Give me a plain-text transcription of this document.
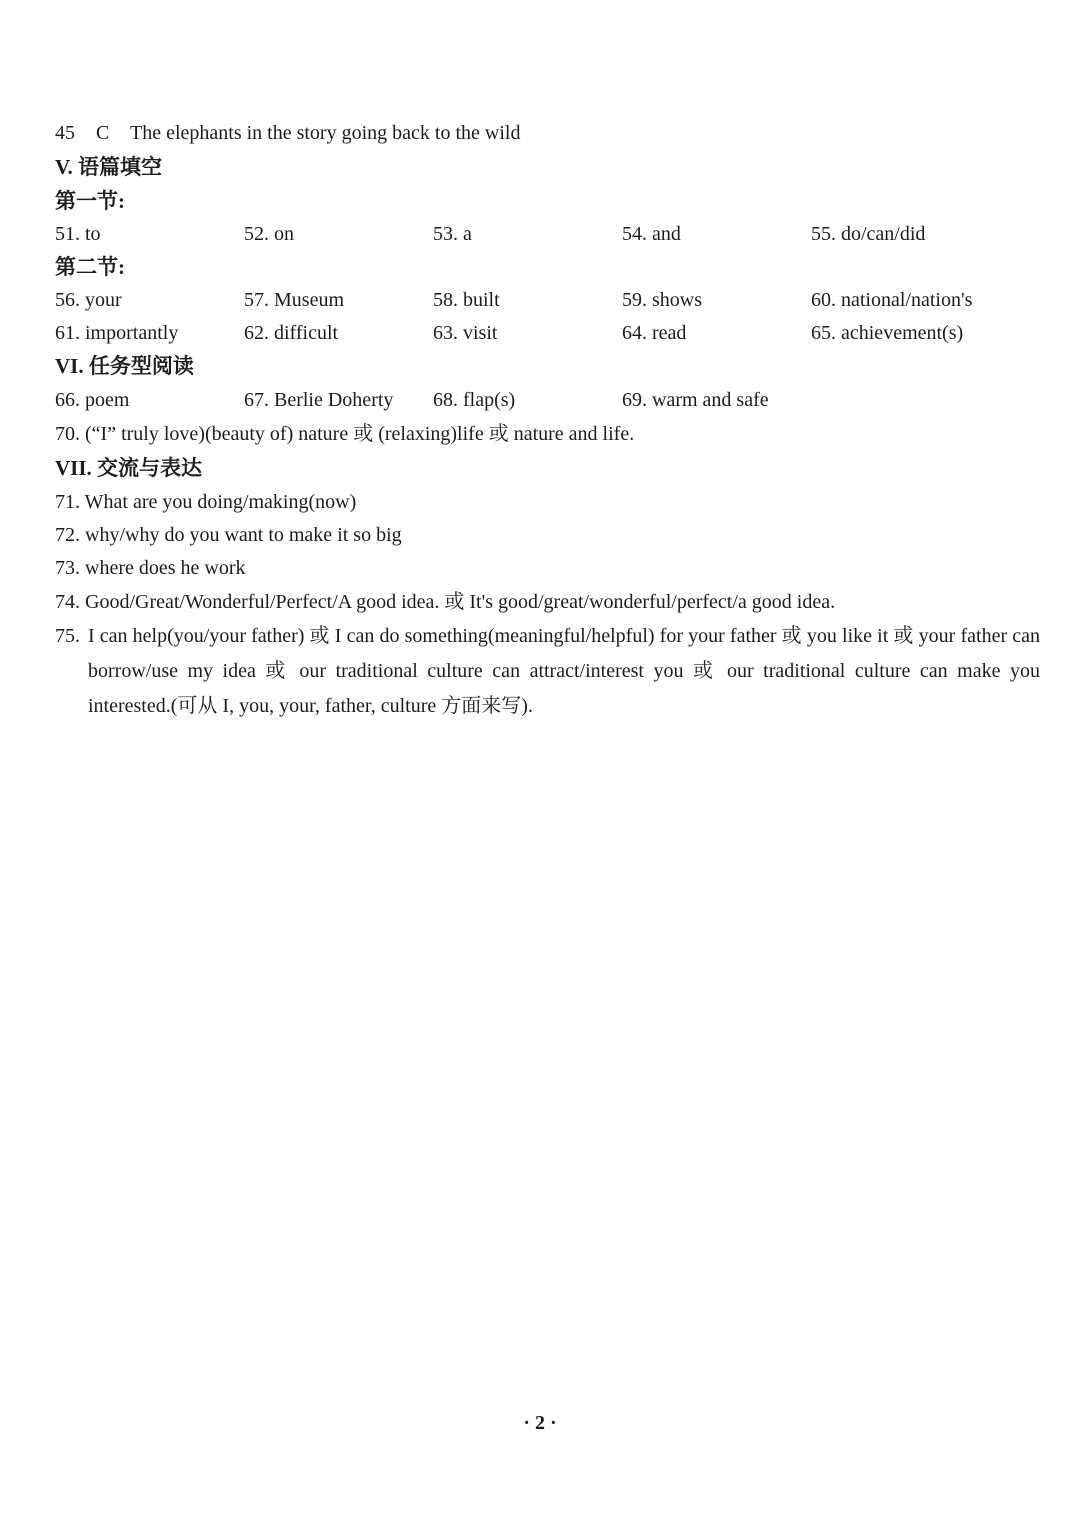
45 C The elephants in the story going back to the wild
V. 语篇填空
第一节:
51. to	52. on	53. a	54. and	55. do/can/did
第二节:
56. your	57. Museum	58. built	59. shows	60. national/nation's
61. importantly	62. difficult	63. visit	64. read	65. achievement(s)
VI. 任务型阅读
66. poem	67. Berlie Doherty 68. flap(s)	69. warm and safe
70. (“I” truly love)(beauty of) nature 或 (relaxing)life 或 nature and life.
VII. 交流与表达
71. What are you doing/making(now)
72. why/why do you want to make it so big
73. where does he work
74. Good/Great/Wonderful/Perfect/A good idea. 或 It's good/great/wonderful/perfect/a good idea.
75. I can help(you/your father) 或 I can do something(meaningful/helpful) for your father 或 you like it 或 your father can borrow/use my idea 或 our traditional culture can attract/interest you 或 our traditional culture can make you interested.(可从 I, you, your, father, culture 方面来写).
· 2 ·
